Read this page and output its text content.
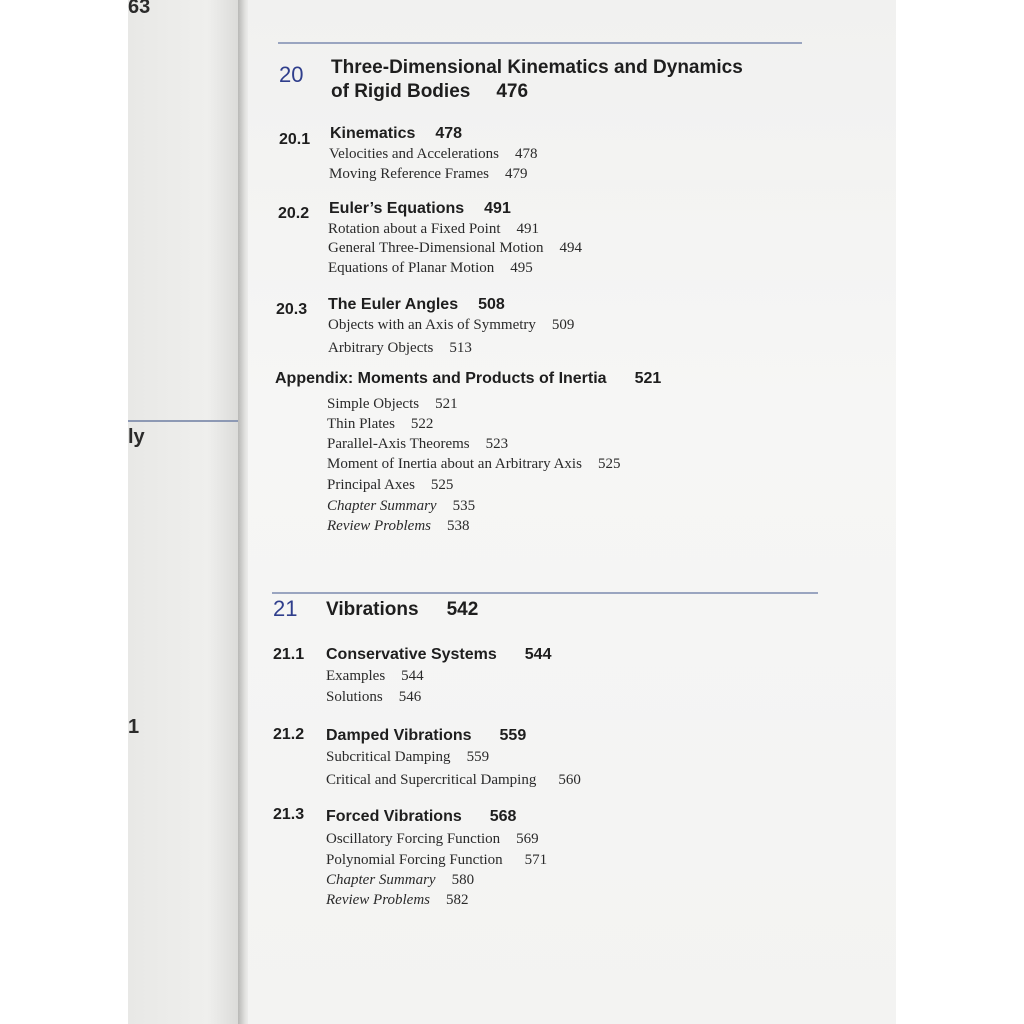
63
ly
1
20 Three-Dimensional Kinematics and Dynamics
of Rigid Bodies 476
20.1 Kinematics 478
Velocities and Accelerations 478
Moving Reference Frames 479
20.2 Euler’s Equations 491
Rotation about a Fixed Point 491
General Three-Dimensional Motion 494
Equations of Planar Motion 495
20.3 The Euler Angles 508
Objects with an Axis of Symmetry 509
Arbitrary Objects 513
Appendix: Moments and Products of Inertia 521
Simple Objects 521
Thin Plates 522
Parallel-Axis Theorems 523
Moment of Inertia about an Arbitrary Axis 525
Principal Axes 525
Chapter Summary 535
Review Problems 538
21 Vibrations 542
21.1 Conservative Systems 544
Examples 544
Solutions 546
21.2 Damped Vibrations 559
Subcritical Damping 559
Critical and Supercritical Damping 560
21.3 Forced Vibrations 568
Oscillatory Forcing Function 569
Polynomial Forcing Function 571
Chapter Summary 580
Review Problems 582
